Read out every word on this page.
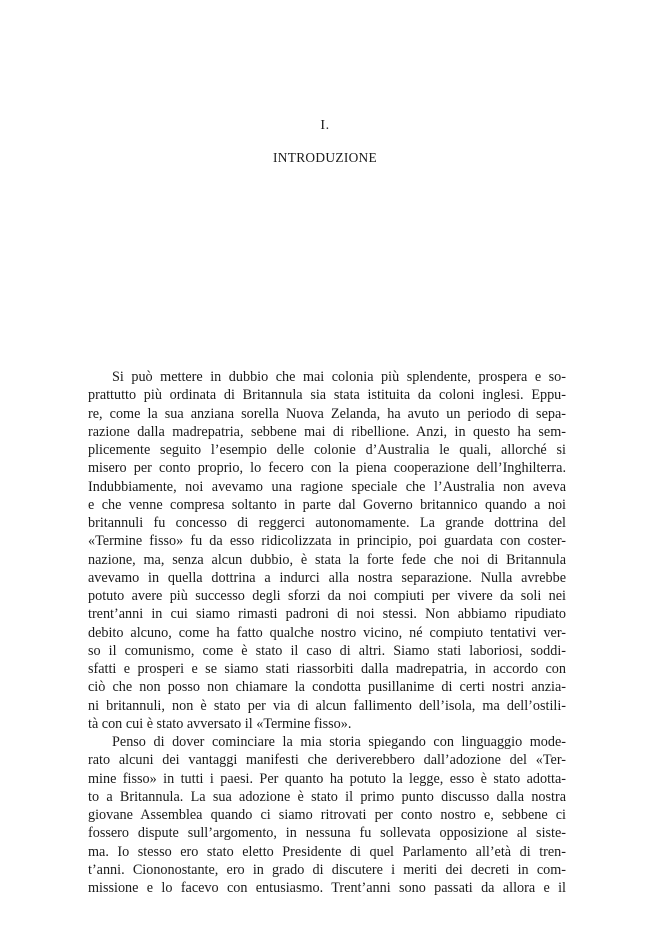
I.
INTRODUZIONE
Si può mettere in dubbio che mai colonia più splendente, prospera e so-
prattutto più ordinata di Britannula sia stata istituita da coloni inglesi. Eppu-
re, come la sua anziana sorella Nuova Zelanda, ha avuto un periodo di sepa-
razione dalla madrepatria, sebbene mai di ribellione. Anzi, in questo ha sem-
plicemente seguito l’esempio delle colonie d’Australia le quali, allorché si
misero per conto proprio, lo fecero con la piena cooperazione dell’Inghilterra.
Indubbiamente, noi avevamo una ragione speciale che l’Australia non aveva
e che venne compresa soltanto in parte dal Governo britannico quando a noi
britannuli fu concesso di reggerci autonomamente. La grande dottrina del
«Termine fisso» fu da esso ridicolizzata in principio, poi guardata con coster-
nazione, ma, senza alcun dubbio, è stata la forte fede che noi di Britannula
avevamo in quella dottrina a indurci alla nostra separazione. Nulla avrebbe
potuto avere più successo degli sforzi da noi compiuti per vivere da soli nei
trent’anni in cui siamo rimasti padroni di noi stessi. Non abbiamo ripudiato
debito alcuno, come ha fatto qualche nostro vicino, né compiuto tentativi ver-
so il comunismo, come è stato il caso di altri. Siamo stati laboriosi, soddi-
sfatti e prosperi e se siamo stati riassorbiti dalla madrepatria, in accordo con
ciò che non posso non chiamare la condotta pusillanime di certi nostri anzia-
ni britannuli, non è stato per via di alcun fallimento dell’isola, ma dell’ostili-
tà con cui è stato avversato il «Termine fisso».
Penso di dover cominciare la mia storia spiegando con linguaggio mode-
rato alcuni dei vantaggi manifesti che deriverebbero dall’adozione del «Ter-
mine fisso» in tutti i paesi. Per quanto ha potuto la legge, esso è stato adotta-
to a Britannula. La sua adozione è stato il primo punto discusso dalla nostra
giovane Assemblea quando ci siamo ritrovati per conto nostro e, sebbene ci
fossero dispute sull’argomento, in nessuna fu sollevata opposizione al siste-
ma. Io stesso ero stato eletto Presidente di quel Parlamento all’età di tren-
t’anni. Ciononostante, ero in grado di discutere i meriti dei decreti in com-
missione e lo facevo con entusiasmo. Trent’anni sono passati da allora e il
